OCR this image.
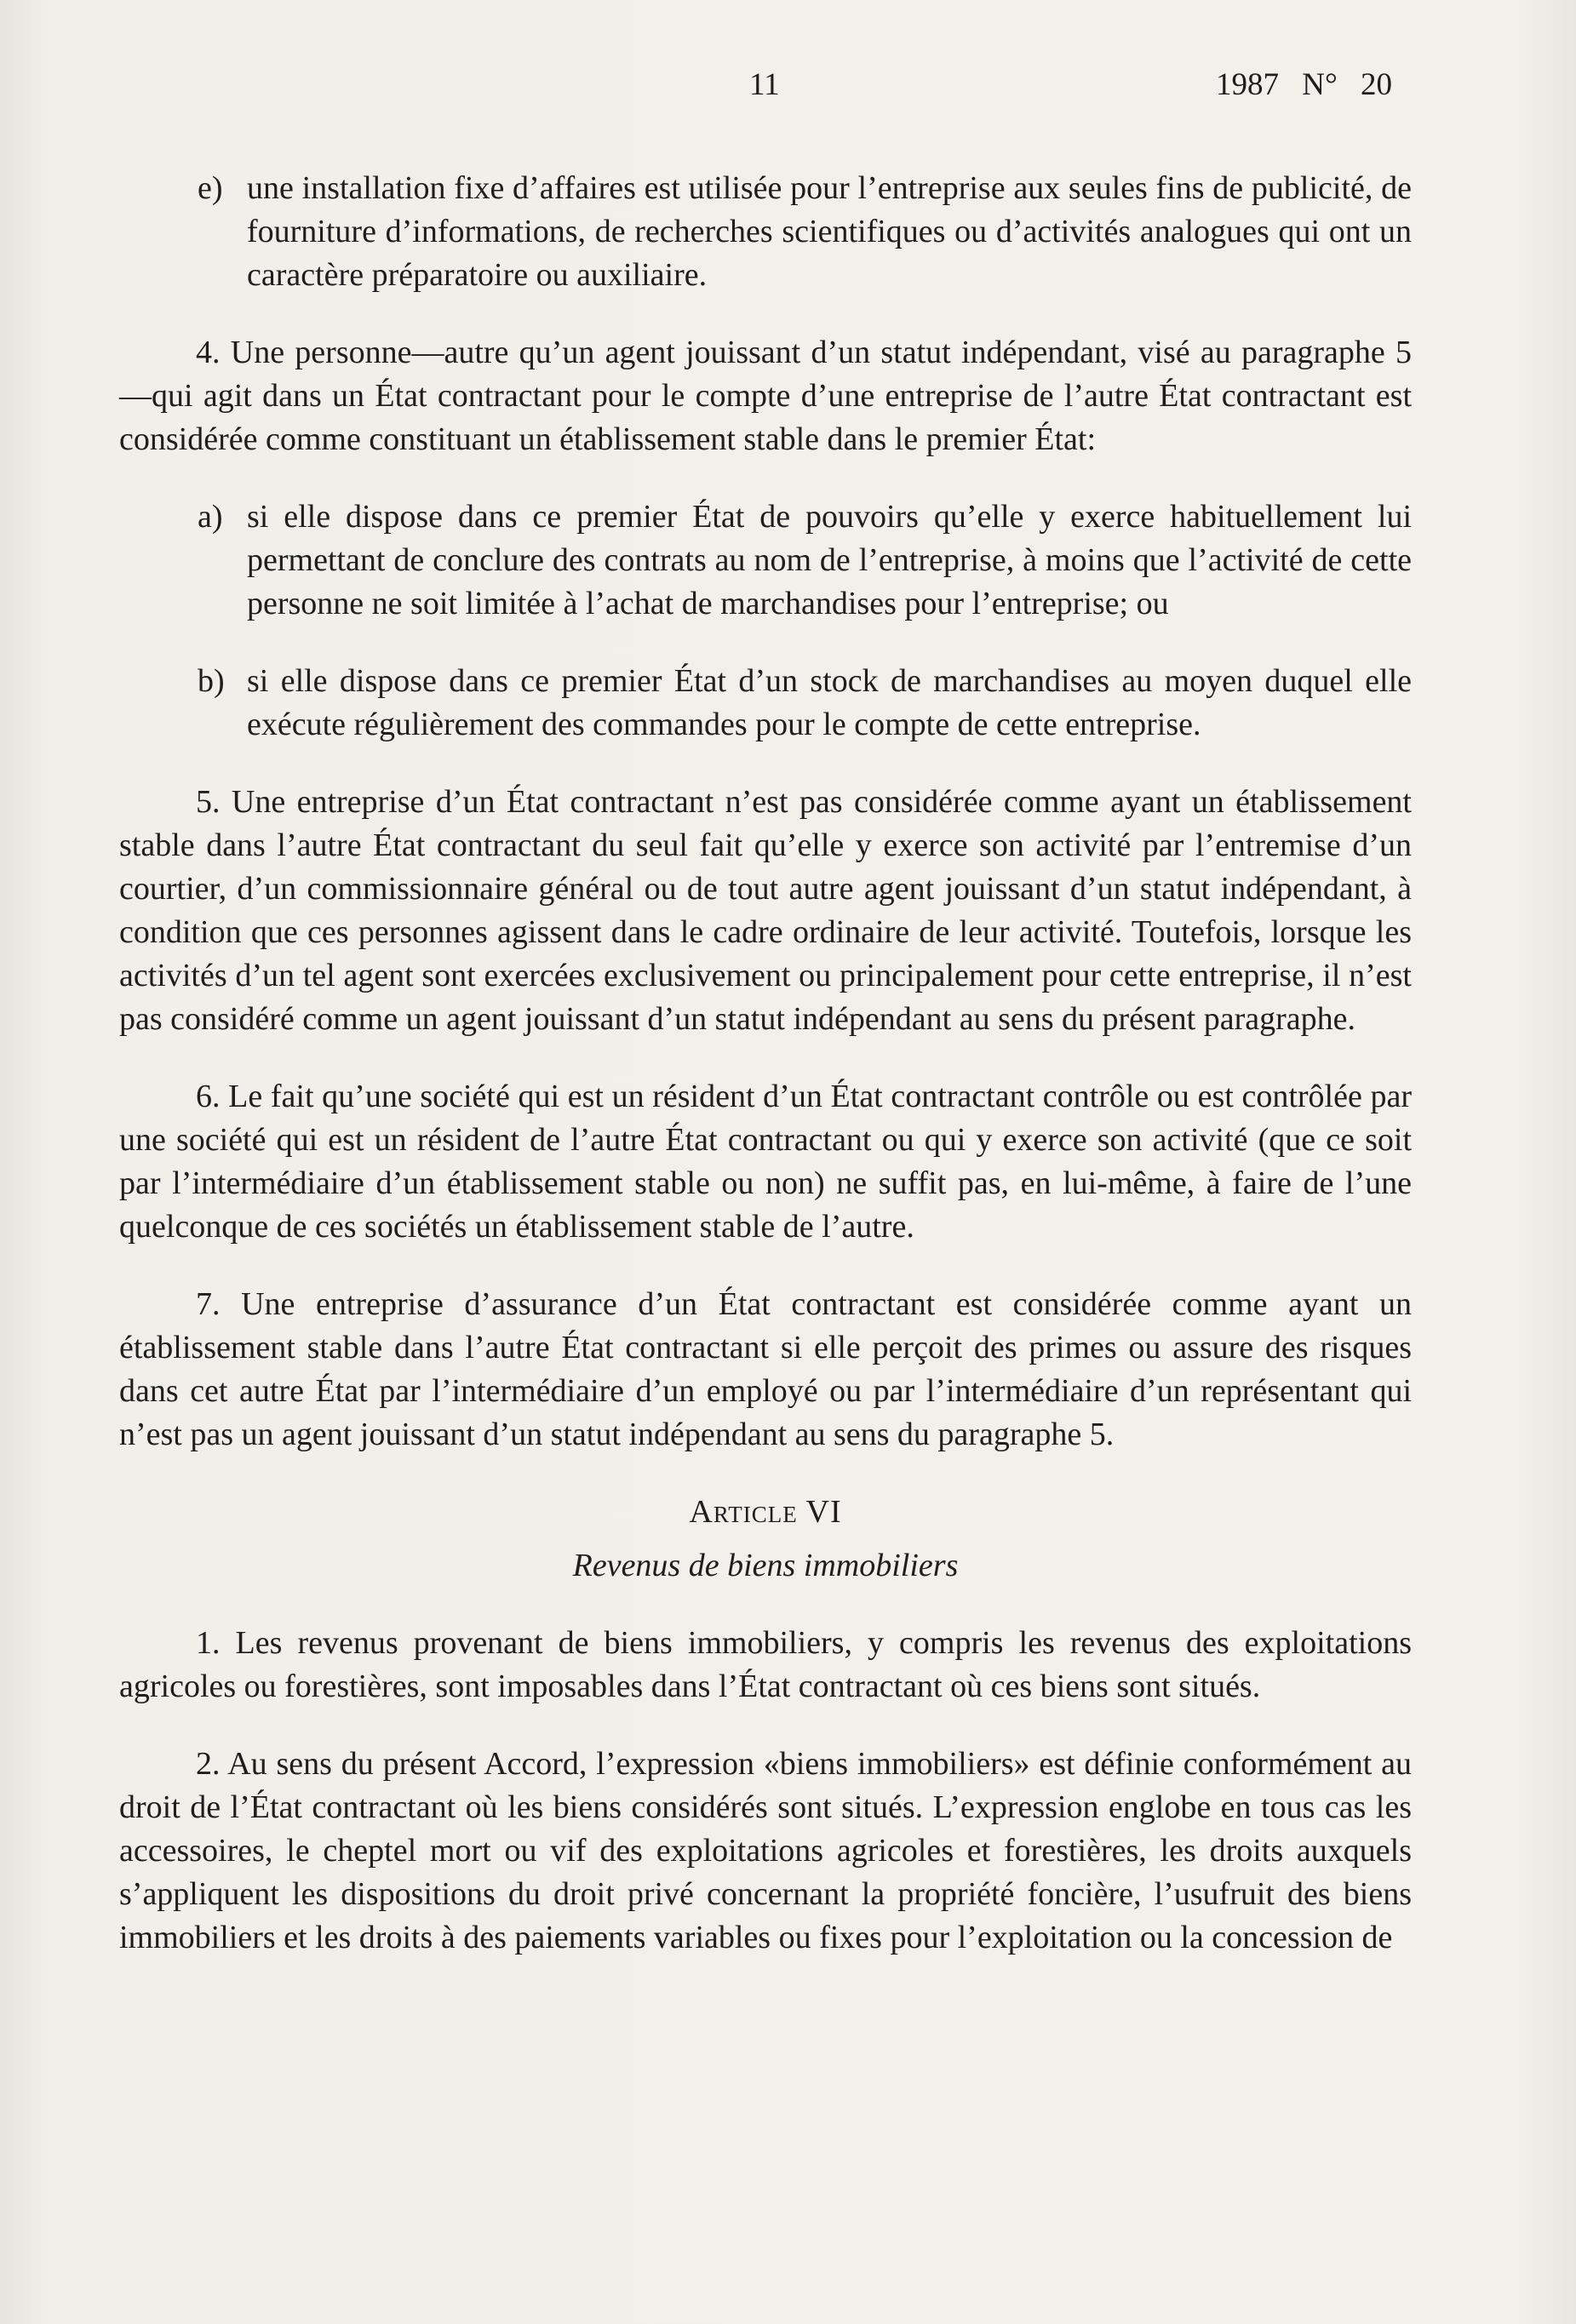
11	1987 N° 20
e) une installation fixe d’affaires est utilisée pour l’entreprise aux seules fins de publicité, de fourniture d’informations, de recherches scientifiques ou d’activités analogues qui ont un caractère préparatoire ou auxiliaire.

4. Une personne—autre qu’un agent jouissant d’un statut indépendant, visé au paragraphe 5—qui agit dans un État contractant pour le compte d’une entreprise de l’autre État contractant est considérée comme constituant un établissement stable dans le premier État:

a) si elle dispose dans ce premier État de pouvoirs qu’elle y exerce habituellement lui permettant de conclure des contrats au nom de l’entreprise, à moins que l’activité de cette personne ne soit limitée à l’achat de marchandises pour l’entreprise; ou
b) si elle dispose dans ce premier État d’un stock de marchandises au moyen duquel elle exécute régulièrement des commandes pour le compte de cette entreprise.

5. Une entreprise d’un État contractant n’est pas considérée comme ayant un établissement stable dans l’autre État contractant du seul fait qu’elle y exerce son activité par l’entremise d’un courtier, d’un commissionnaire général ou de tout autre agent jouissant d’un statut indépendant, à condition que ces personnes agissent dans le cadre ordinaire de leur activité. Toutefois, lorsque les activités d’un tel agent sont exercées exclusivement ou principalement pour cette entreprise, il n’est pas considéré comme un agent jouissant d’un statut indépendant au sens du présent paragraphe.

6. Le fait qu’une société qui est un résident d’un État contractant contrôle ou est contrôlée par une société qui est un résident de l’autre État contractant ou qui y exerce son activité (que ce soit par l’intermédiaire d’un établissement stable ou non) ne suffit pas, en lui-même, à faire de l’une quelconque de ces sociétés un établissement stable de l’autre.

7. Une entreprise d’assurance d’un État contractant est considérée comme ayant un établissement stable dans l’autre État contractant si elle perçoit des primes ou assure des risques dans cet autre État par l’intermédiaire d’un employé ou par l’intermédiaire d’un représentant qui n’est pas un agent jouissant d’un statut indépendant au sens du paragraphe 5.

Article VI
Revenus de biens immobiliers

1. Les revenus provenant de biens immobiliers, y compris les revenus des exploitations agricoles ou forestières, sont imposables dans l’État contractant où ces biens sont situés.

2. Au sens du présent Accord, l’expression «biens immobiliers» est définie conformément au droit de l’État contractant où les biens considérés sont situés. L’expression englobe en tous cas les accessoires, le cheptel mort ou vif des exploitations agricoles et forestières, les droits auxquels s’appliquent les dispositions du droit privé concernant la propriété foncière, l’usufruit des biens immobiliers et les droits à des paiements variables ou fixes pour l’exploitation ou la concession de
